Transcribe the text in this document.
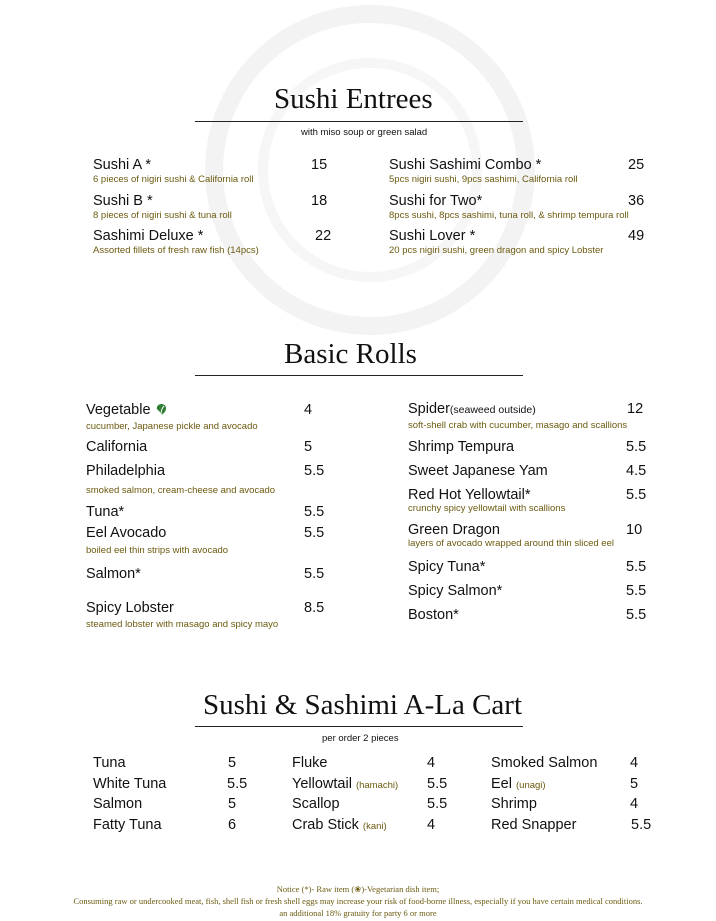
Sushi Entrees
with miso soup or green salad
Sushi A *	15
6 pieces of nigiri sushi & California roll
Sushi B *	18
8 pieces of nigiri sushi & tuna roll
Sashimi Deluxe *	22
Assorted fillets of fresh raw fish (14pcs)
Sushi Sashimi Combo *	25
5pcs nigiri sushi, 9pcs sashimi, California roll
Sushi for Two*	36
8pcs sushi, 8pcs sashimi, tuna roll, & shrimp tempura roll
Sushi Lover *	49
20 pcs nigiri sushi, green dragon and spicy Lobster
Basic Rolls
Vegetable	4
cucumber, Japanese pickle and avocado
California	5
Philadelphia	5.5
smoked salmon, cream-cheese and avocado
Tuna*	5.5
Eel Avocado	5.5
boiled eel thin strips with avocado
Salmon*	5.5
Spicy Lobster	8.5
steamed lobster with masago and spicy mayo
Spider(seaweed outside)	12
soft-shell crab with cucumber, masago and scallions
Shrimp Tempura	5.5
Sweet Japanese Yam	4.5
Red Hot Yellowtail*	5.5
crunchy spicy yellowtail with scallions
Green Dragon	10
layers of avocado wrapped around thin sliced eel
Spicy Tuna*	5.5
Spicy Salmon*	5.5
Boston*	5.5
Sushi & Sashimi A-La Cart
per order 2 pieces
Tuna	5
White Tuna	5.5
Salmon	5
Fatty Tuna	6
Fluke	4
Yellowtail (hamachi) 5.5
Scallop	5.5
Crab Stick (kani)	4
Smoked Salmon 4
Eel (unagi)	5
Shrimp	4
Red Snapper	5.5
Notice (*)- Raw item (❀)-Vegetarian dish item;
Consuming raw or undercooked meat, fish, shell fish or fresh shell eggs may increase your risk of food-borne illness, especially if you have certain medical conditions.
an additional 18% gratuity for party 6 or more
